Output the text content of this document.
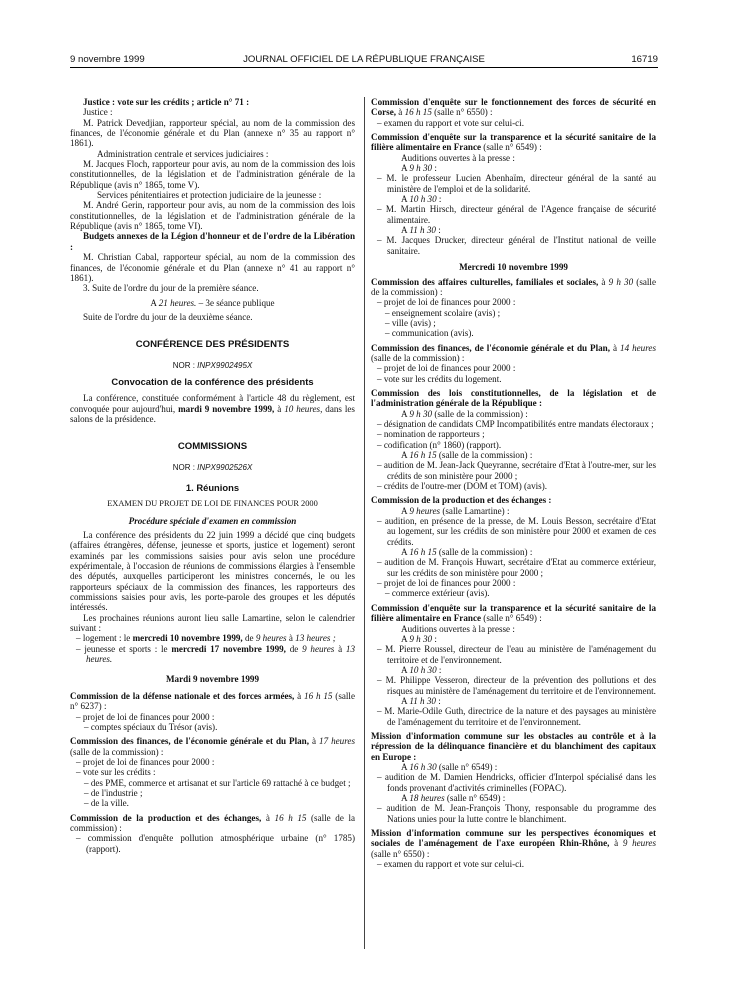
9 novembre 1999	JOURNAL OFFICIEL DE LA RÉPUBLIQUE FRANÇAISE	16719

Justice : vote sur les crédits ; article n° 71 :

Justice :

M. Patrick Devedjian, rapporteur spécial, au nom de la commission des finances, de l'économie générale et du Plan (annexe n° 35 au rapport n° 1861).

Administration centrale et services judiciaires :

M. Jacques Floch, rapporteur pour avis, au nom de la commission des lois constitutionnelles, de la législation et de l'administration générale de la République (avis n° 1865, tome V).

Services pénitentiaires et protection judiciaire de la jeunesse :

M. André Gerin, rapporteur pour avis, au nom de la commission des lois constitutionnelles, de la législation et de l'administration générale de la République (avis n° 1865, tome VI).

Budgets annexes de la Légion d'honneur et de l'ordre de la Libération :

M. Christian Cabal, rapporteur spécial, au nom de la commission des finances, de l'économie générale et du Plan (annexe n° 41 au rapport n° 1861).

3. Suite de l'ordre du jour de la première séance.

A 21 heures. – 3e séance publique

Suite de l'ordre du jour de la deuxième séance.

CONFÉRENCE DES PRÉSIDENTS

NOR : INPX9902495X

Convocation de la conférence des présidents

La conférence, constituée conformément à l'article 48 du règlement, est convoquée pour aujourd'hui, mardi 9 novembre 1999, à 10 heures, dans les salons de la présidence.

COMMISSIONS

NOR : INPX9902526X

1. Réunions

EXAMEN DU PROJET DE LOI DE FINANCES POUR 2000

Procédure spéciale d'examen en commission

La conférence des présidents du 22 juin 1999 a décidé que cinq budgets (affaires étrangères, défense, jeunesse et sports, justice et logement) seront examinés par les commissions saisies pour avis selon une procédure expérimentale, à l'occasion de réunions de commissions élargies à l'ensemble des députés, auxquelles participeront les ministres concernés, le ou les rapporteurs spéciaux de la commission des finances, les rapporteurs des commissions saisies pour avis, les porte-parole des groupes et les députés intéressés.

Les prochaines réunions auront lieu salle Lamartine, selon le calendrier suivant :

– logement : le mercredi 10 novembre 1999, de 9 heures à 13 heures ;

– jeunesse et sports : le mercredi 17 novembre 1999, de 9 heures à 13 heures.

Mardi 9 novembre 1999

Commission de la défense nationale et des forces armées, à 16 h 15 (salle n° 6237) :

– projet de loi de finances pour 2000 :

– comptes spéciaux du Trésor (avis).

Commission des finances, de l'économie générale et du Plan, à 17 heures (salle de la commission) :

– projet de loi de finances pour 2000 :

– vote sur les crédits :

– des PME, commerce et artisanat et sur l'article 69 rattaché à ce budget ;

– de l'industrie ;

– de la ville.

Commission de la production et des échanges, à 16 h 15 (salle de la commission) :

– commission d'enquête pollution atmosphérique urbaine (n° 1785) (rapport).

Commission d'enquête sur le fonctionnement des forces de sécurité en Corse, à 16 h 15 (salle n° 6550) :

– examen du rapport et vote sur celui-ci.

Commission d'enquête sur la transparence et la sécurité sanitaire de la filière alimentaire en France (salle n° 6549) :

Auditions ouvertes à la presse :

A 9 h 30 :

– M. le professeur Lucien Abenhaïm, directeur général de la santé au ministère de l'emploi et de la solidarité.

A 10 h 30 :

– M. Martin Hirsch, directeur général de l'Agence française de sécurité alimentaire.

A 11 h 30 :

– M. Jacques Drucker, directeur général de l'Institut national de veille sanitaire.

Mercredi 10 novembre 1999

Commission des affaires culturelles, familiales et sociales, à 9 h 30 (salle de la commission) :

– projet de loi de finances pour 2000 :

– enseignement scolaire (avis) ;

– ville (avis) ;

– communication (avis).

Commission des finances, de l'économie générale et du Plan, à 14 heures (salle de la commission) :

– projet de loi de finances pour 2000 :

– vote sur les crédits du logement.

Commission des lois constitutionnelles, de la législation et de l'administration générale de la République :

A 9 h 30 (salle de la commission) :

– désignation de candidats CMP Incompatibilités entre mandats électoraux ;

– nomination de rapporteurs ;

– codification (n° 1860) (rapport).

A 16 h 15 (salle de la commission) :

– audition de M. Jean-Jack Queyranne, secrétaire d'Etat à l'outre-mer, sur les crédits de son ministère pour 2000 ;

– crédits de l'outre-mer (DOM et TOM) (avis).

Commission de la production et des échanges :

A 9 heures (salle Lamartine) :

– audition, en présence de la presse, de M. Louis Besson, secrétaire d'Etat au logement, sur les crédits de son ministère pour 2000 et examen de ces crédits.

A 16 h 15 (salle de la commission) :

– audition de M. François Huwart, secrétaire d'Etat au commerce extérieur, sur les crédits de son ministère pour 2000 ;

– projet de loi de finances pour 2000 :

– commerce extérieur (avis).

Commission d'enquête sur la transparence et la sécurité sanitaire de la filière alimentaire en France (salle n° 6549) :

Auditions ouvertes à la presse :

A 9 h 30 :

– M. Pierre Roussel, directeur de l'eau au ministère de l'aménagement du territoire et de l'environnement.

A 10 h 30 :

– M. Philippe Vesseron, directeur de la prévention des pollutions et des risques au ministère de l'aménagement du territoire et de l'environnement.

A 11 h 30 :

– M. Marie-Odile Guth, directrice de la nature et des paysages au ministère de l'aménagement du territoire et de l'environnement.

Mission d'information commune sur les obstacles au contrôle et à la répression de la délinquance financière et du blanchiment des capitaux en Europe :

A 16 h 30 (salle n° 6549) :

– audition de M. Damien Hendricks, officier d'Interpol spécialisé dans les fonds provenant d'activités criminelles (FOPAC).

A 18 heures (salle n° 6549) :

– audition de M. Jean-François Thony, responsable du programme des Nations unies pour la lutte contre le blanchiment.

Mission d'information commune sur les perspectives économiques et sociales de l'aménagement de l'axe européen Rhin-Rhône, à 9 heures (salle n° 6550) :

– examen du rapport et vote sur celui-ci.
